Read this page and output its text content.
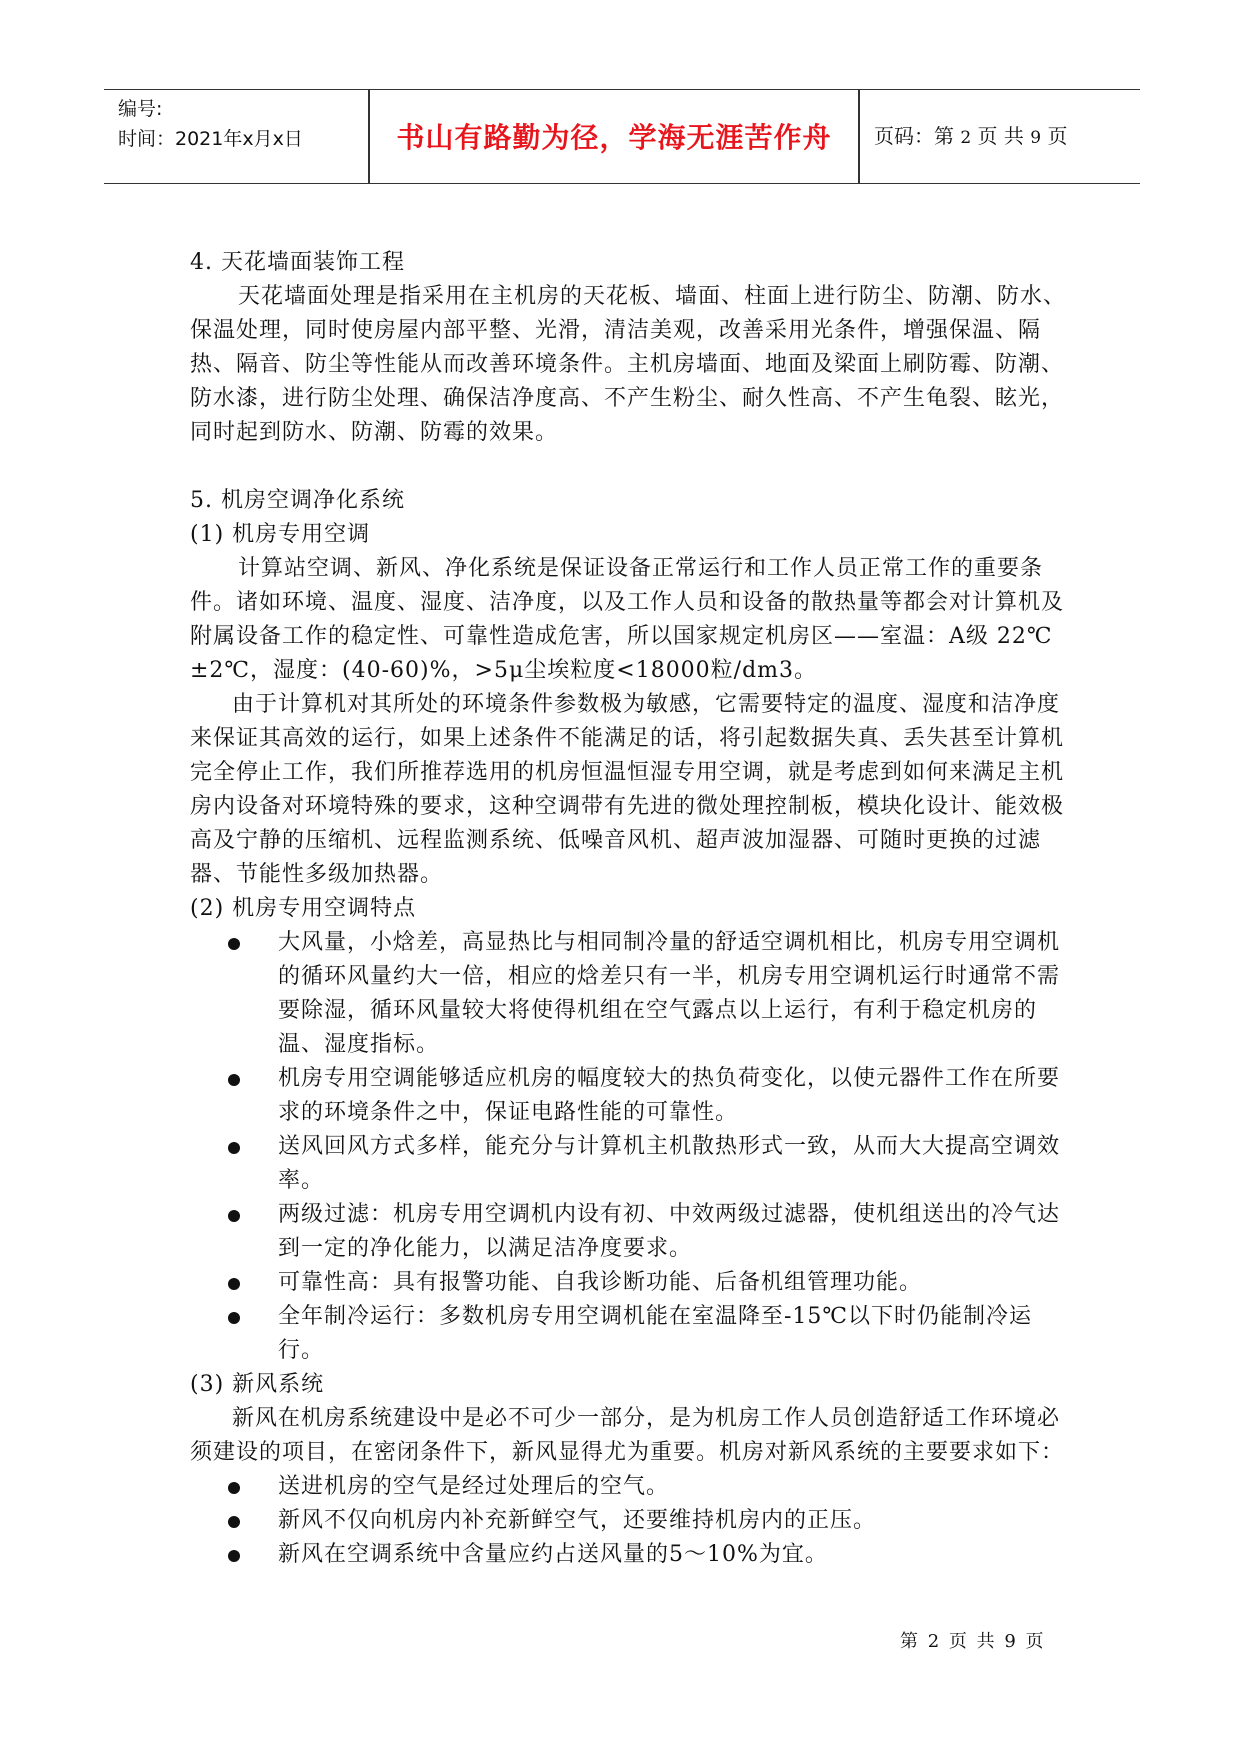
编号:
时间：2021年x月x日	书山有路勤为径，学海无涯苦作舟	页码：第 2 页 共 9 页

4. 天花墙面装饰工程

天花墙面处理是指采用在主机房的天花板、墙面、柱面上进行防尘、防潮、防水、保温处理，同时使房屋内部平整、光滑，清洁美观，改善采用光条件，增强保温、隔热、隔音、防尘等性能从而改善环境条件。主机房墙面、地面及梁面上刷防霉、防潮、防水漆，进行防尘处理、确保洁净度高、不产生粉尘、耐久性高、不产生龟裂、眩光，同时起到防水、防潮、防霉的效果。

5. 机房空调净化系统

(1) 机房专用空调

计算站空调、新风、净化系统是保证设备正常运行和工作人员正常工作的重要条件。诸如环境、温度、湿度、洁净度，以及工作人员和设备的散热量等都会对计算机及附属设备工作的稳定性、可靠性造成危害，所以国家规定机房区——室温：A级 22℃±2℃，湿度：(40-60)%，>5μ尘埃粒度<18000粒/dm3。

由于计算机对其所处的环境条件参数极为敏感，它需要特定的温度、湿度和洁净度来保证其高效的运行，如果上述条件不能满足的话，将引起数据失真、丢失甚至计算机完全停止工作，我们所推荐选用的机房恒温恒湿专用空调，就是考虑到如何来满足主机房内设备对环境特殊的要求，这种空调带有先进的微处理控制板，模块化设计、能效极高及宁静的压缩机、远程监测系统、低噪音风机、超声波加湿器、可随时更换的过滤器、节能性多级加热器。

(2) 机房专用空调特点

大风量，小焓差，高显热比与相同制冷量的舒适空调机相比，机房专用空调机的循环风量约大一倍，相应的焓差只有一半，机房专用空调机运行时通常不需要除湿，循环风量较大将使得机组在空气露点以上运行，有利于稳定机房的温、湿度指标。
机房专用空调能够适应机房的幅度较大的热负荷变化，以使元器件工作在所要求的环境条件之中，保证电路性能的可靠性。
送风回风方式多样，能充分与计算机主机散热形式一致，从而大大提高空调效率。
两级过滤：机房专用空调机内设有初、中效两级过滤器，使机组送出的冷气达到一定的净化能力，以满足洁净度要求。
可靠性高：具有报警功能、自我诊断功能、后备机组管理功能。
全年制冷运行：多数机房专用空调机能在室温降至-15℃以下时仍能制冷运行。

(3) 新风系统

新风在机房系统建设中是必不可少一部分，是为机房工作人员创造舒适工作环境必须建设的项目，在密闭条件下，新风显得尤为重要。机房对新风系统的主要要求如下：

送进机房的空气是经过处理后的空气。
新风不仅向机房内补充新鲜空气，还要维持机房内的正压。
新风在空调系统中含量应约占送风量的5～10%为宜。
第 2 页 共 9 页
